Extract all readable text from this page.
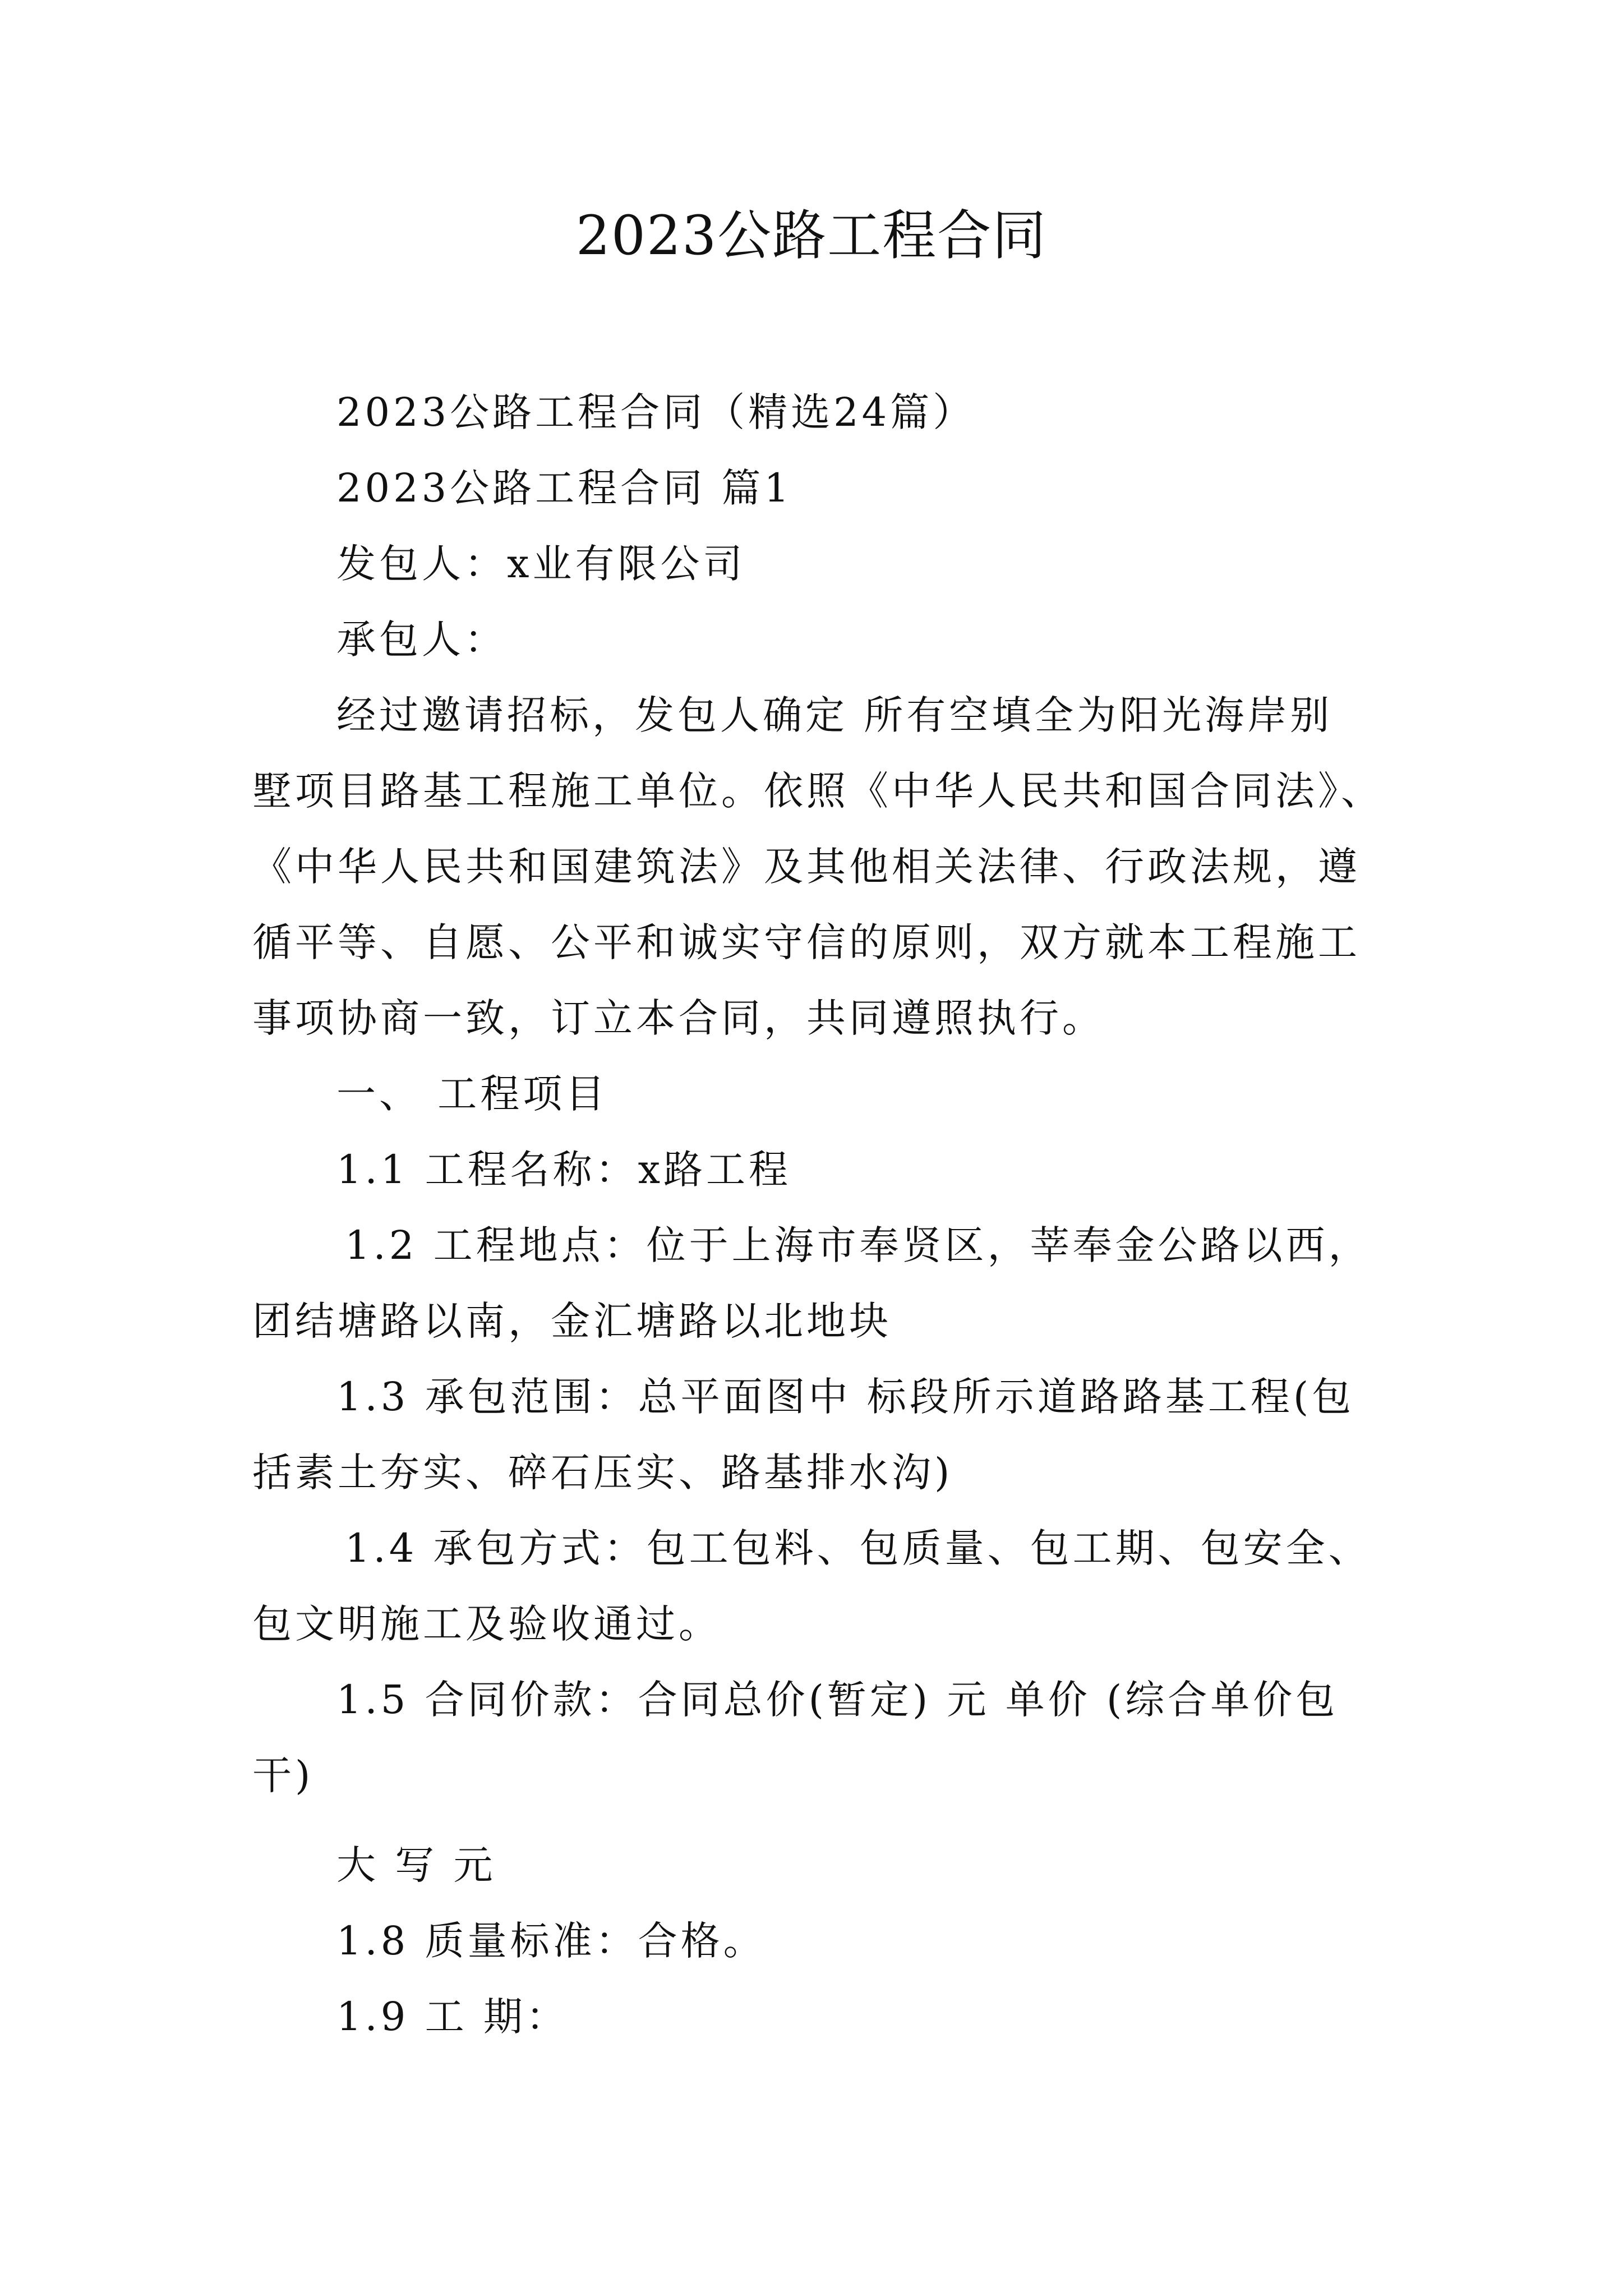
2023公路工程合同
2023公路工程合同（精选24篇）
2023公路工程合同 篇1
发包人：x业有限公司
承包人：
经过邀请招标，发包人确定 所有空填全为阳光海岸别
墅项目路基工程施工单位。依照《中华人民共和国合同法》、
《中华人民共和国建筑法》及其他相关法律、行政法规，遵
循平等、自愿、公平和诚实守信的原则，双方就本工程施工
事项协商一致，订立本合同，共同遵照执行。
一、 工程项目
1.1 工程名称：x路工程
1.2 工程地点：位于上海市奉贤区，莘奉金公路以西，
团结塘路以南，金汇塘路以北地块
1.3 承包范围：总平面图中 标段所示道路路基工程(包
括素土夯实、碎石压实、路基排水沟)
1.4 承包方式：包工包料、包质量、包工期、包安全、
包文明施工及验收通过。
1.5 合同价款：合同总价(暂定) 元 单价 (综合单价包
干)
大 写 元
1.8 质量标准：合格。
1.9 工 期：
